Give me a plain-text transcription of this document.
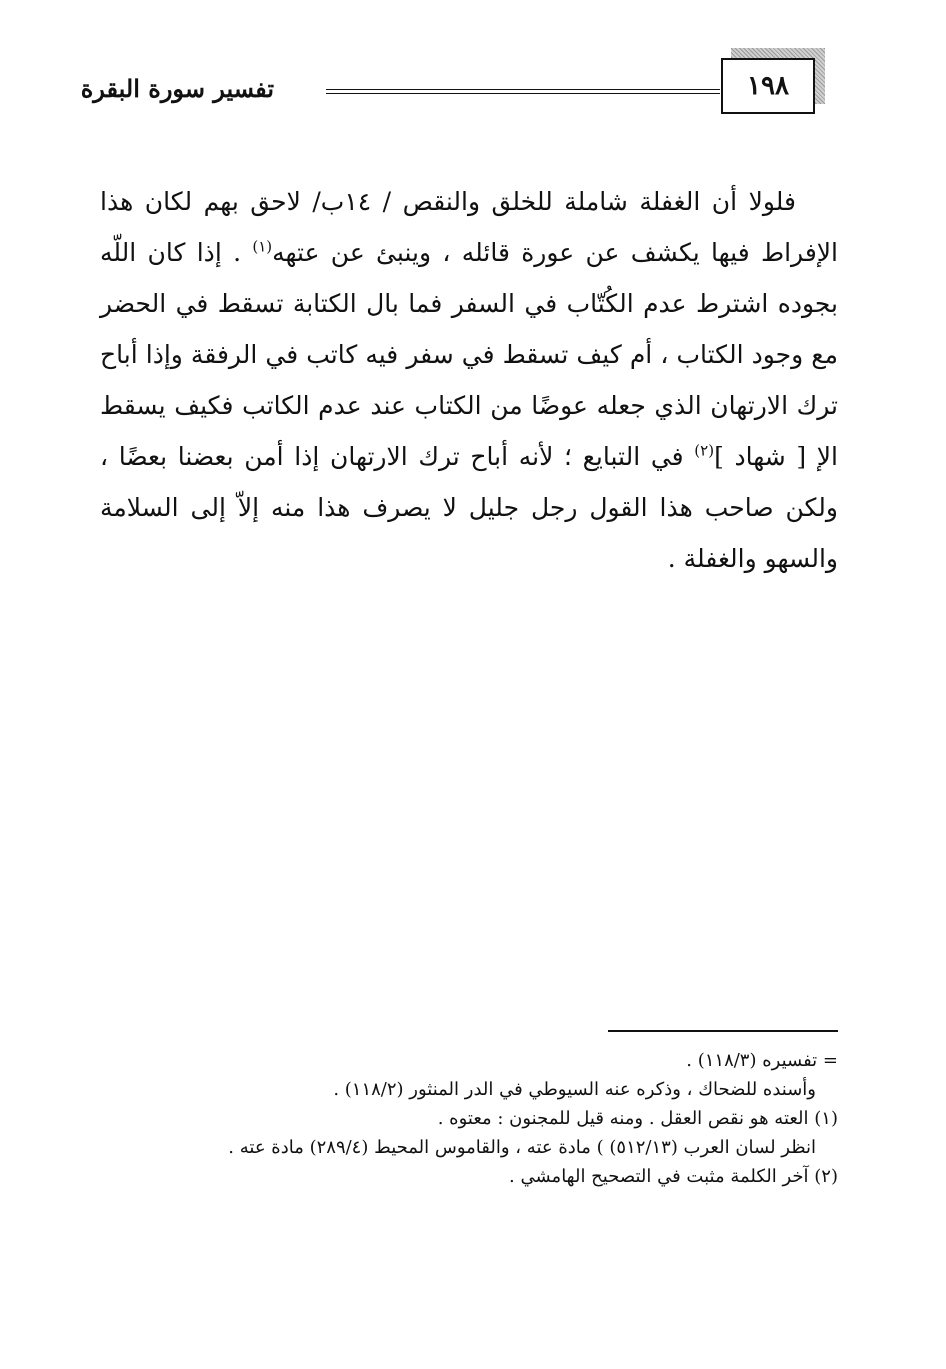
١٩٨
تفسير سورة البقرة

فلولا أن الغفلة شاملة للخلق والنقص / ١٤ب/ لاحق بهم لكان هذا الإفراط فيها يكشف عن عورة قائله ، وينبئ عن عتهه$^{(١)}$ . إذا كان اللّه بجوده اشترط عدم الكُتّاب في السفر فما بال الكتابة تسقط في الحضر مع وجود الكتاب ، أم كيف تسقط في سفر فيه كاتب في الرفقة وإذا أباح ترك الارتهان الذي جعله عوضًا من الكتاب عند عدم الكاتب فكيف يسقط الإ [ شهاد ]$^{(٢)}$ في التبايع ؛ لأنه أباح ترك الارتهان إذا أمن بعضنا بعضًا ، ولكن صاحب هذا القول رجل جليل لا يصرف هذا منه إلاّ إلى السلامة والسهو والغفلة .

= تفسيره (١١٨/٣) .

وأسنده للضحاك ، وذكره عنه السيوطي في الدر المنثور (١١٨/٢) .

(١) العته هو نقص العقل . ومنه قيل للمجنون : معتوه .

انظر لسان العرب (٥١٢/١٣) ) مادة عته ، والقاموس المحيط (٢٨٩/٤) مادة عته .

(٢) آخر الكلمة مثبت في التصحيح الهامشي .
